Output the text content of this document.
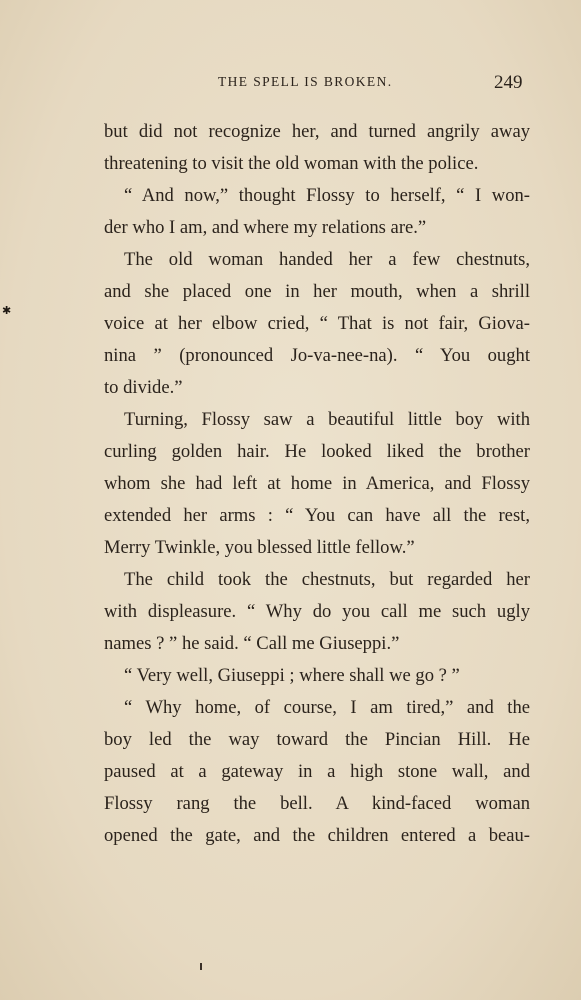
THE SPELL IS BROKEN.	249
✱
but did not recognize her, and turned angrily away
threatening to visit the old woman with the police.
“ And now,” thought Flossy to herself, “ I won-
der who I am, and where my relations are.”
The old woman handed her a few chestnuts,
and she placed one in her mouth, when a shrill
voice at her elbow cried, “ That is not fair, Giova-
nina ” (pronounced Jo-va-nee-na). “ You ought
to divide.”
Turning, Flossy saw a beautiful little boy with
curling golden hair. He looked liked the brother
whom she had left at home in America, and Flossy
extended her arms : “ You can have all the rest,
Merry Twinkle, you blessed little fellow.”
The child took the chestnuts, but regarded her
with displeasure. “ Why do you call me such ugly
names ? ” he said. “ Call me Giuseppi.”
“ Very well, Giuseppi ; where shall we go ? ”
“ Why home, of course, I am tired,” and the
boy led the way toward the Pincian Hill. He
paused at a gateway in a high stone wall, and
Flossy rang the bell. A kind-faced woman
opened the gate, and the children entered a beau-
